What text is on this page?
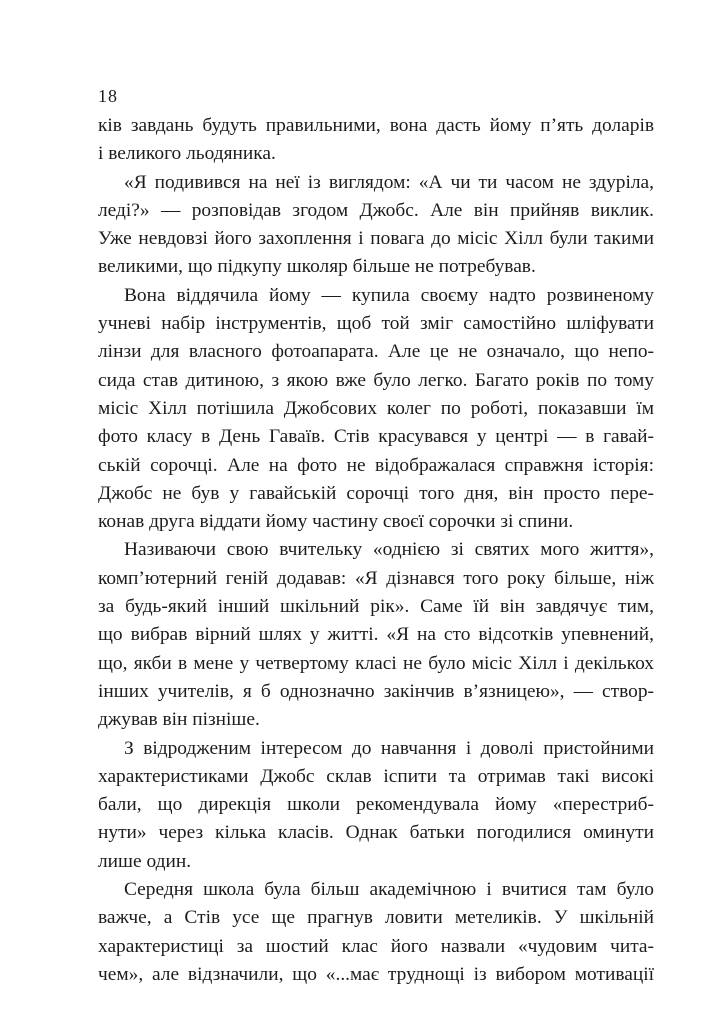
18
ків завдань будуть правильними, вона дасть йому п’ять доларів
і великого льодяника.
«Я подивився на неї із виглядом: «А чи ти часом не здуріла,
леді?» — розповідав згодом Джобс. Але він прийняв виклик.
Уже невдовзі його захоплення і повага до місіс Хілл були такими
великими, що підкупу школяр більше не потребував.
Вона віддячила йому — купила своєму надто розвиненому
учневі набір інструментів, щоб той зміг самостійно шліфувати
лінзи для власного фотоапарата. Але це не означало, що непо-
сида став дитиною, з якою вже було легко. Багато років по тому
місіс Хілл потішила Джобсових колег по роботі, показавши їм
фото класу в День Гаваїв. Стів красувався у центрі — в гавай-
ській сорочці. Але на фото не відображалася справжня історія:
Джобс не був у гавайській сорочці того дня, він просто пере-
конав друга віддати йому частину своєї сорочки зі спини.
Називаючи свою вчительку «однією зі святих мого життя»,
комп’ютерний геній додавав: «Я дізнався того року більше, ніж
за будь-який інший шкільний рік». Саме їй він завдячує тим,
що вибрав вірний шлях у житті. «Я на сто відсотків упевнений,
що, якби в мене у четвертому класі не було місіс Хілл і декількох
інших учителів, я б однозначно закінчив в’язницею», — створ-
джував він пізніше.
З відродженим інтересом до навчання і доволі пристойними
характеристиками Джобс склав іспити та отримав такі високі
бали, що дирекція школи рекомендувала йому «перестриб-
нути» через кілька класів. Однак батьки погодилися оминути
лише один.
Середня школа була більш академічною і вчитися там було
важче, а Стів усе ще прагнув ловити метеликів. У шкільній
характеристиці за шостий клас його назвали «чудовим чита-
чем», але відзначили, що «...має труднощі із вибором мотивації
